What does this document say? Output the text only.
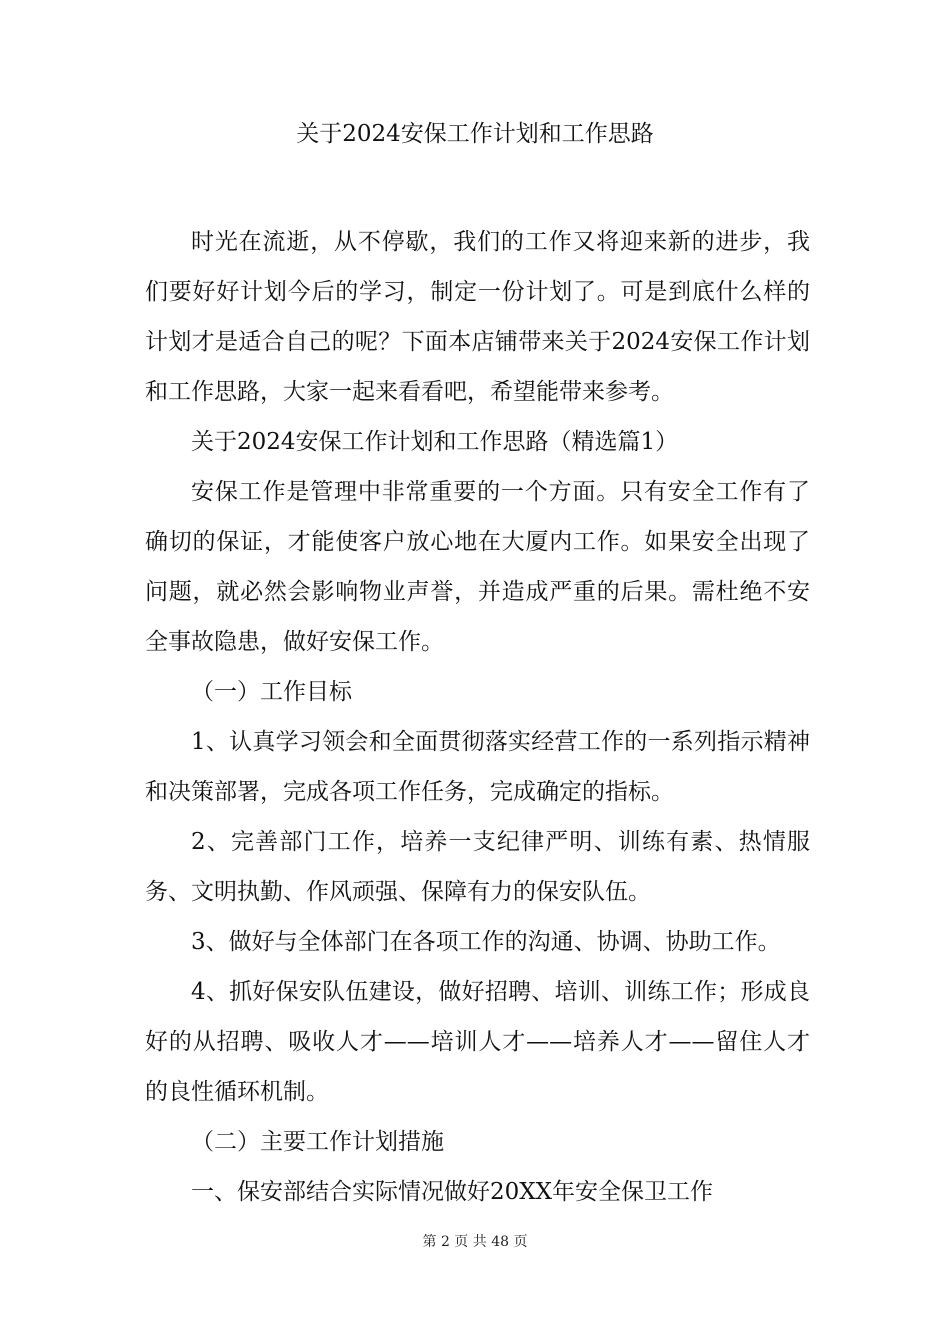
关于2024安保工作计划和工作思路

时光在流逝，从不停歇，我们的工作又将迎来新的进步，我们要好好计划今后的学习，制定一份计划了。可是到底什么样的计划才是适合自己的呢？下面本店铺带来关于2024安保工作计划和工作思路，大家一起来看看吧，希望能带来参考。

关于2024安保工作计划和工作思路（精选篇1）

安保工作是管理中非常重要的一个方面。只有安全工作有了确切的保证，才能使客户放心地在大厦内工作。如果安全出现了问题，就必然会影响物业声誉，并造成严重的后果。需杜绝不安全事故隐患，做好安保工作。

（一）工作目标

1、认真学习领会和全面贯彻落实经营工作的一系列指示精神和决策部署，完成各项工作任务，完成确定的指标。

2、完善部门工作，培养一支纪律严明、训练有素、热情服务、文明执勤、作风顽强、保障有力的保安队伍。

3、做好与全体部门在各项工作的沟通、协调、协助工作。

4、抓好保安队伍建设，做好招聘、培训、训练工作；形成良好的从招聘、吸收人才——培训人才——培养人才——留住人才的良性循环机制。

（二）主要工作计划措施

一、保安部结合实际情况做好20XX年安全保卫工作

第 2 页 共 48 页
